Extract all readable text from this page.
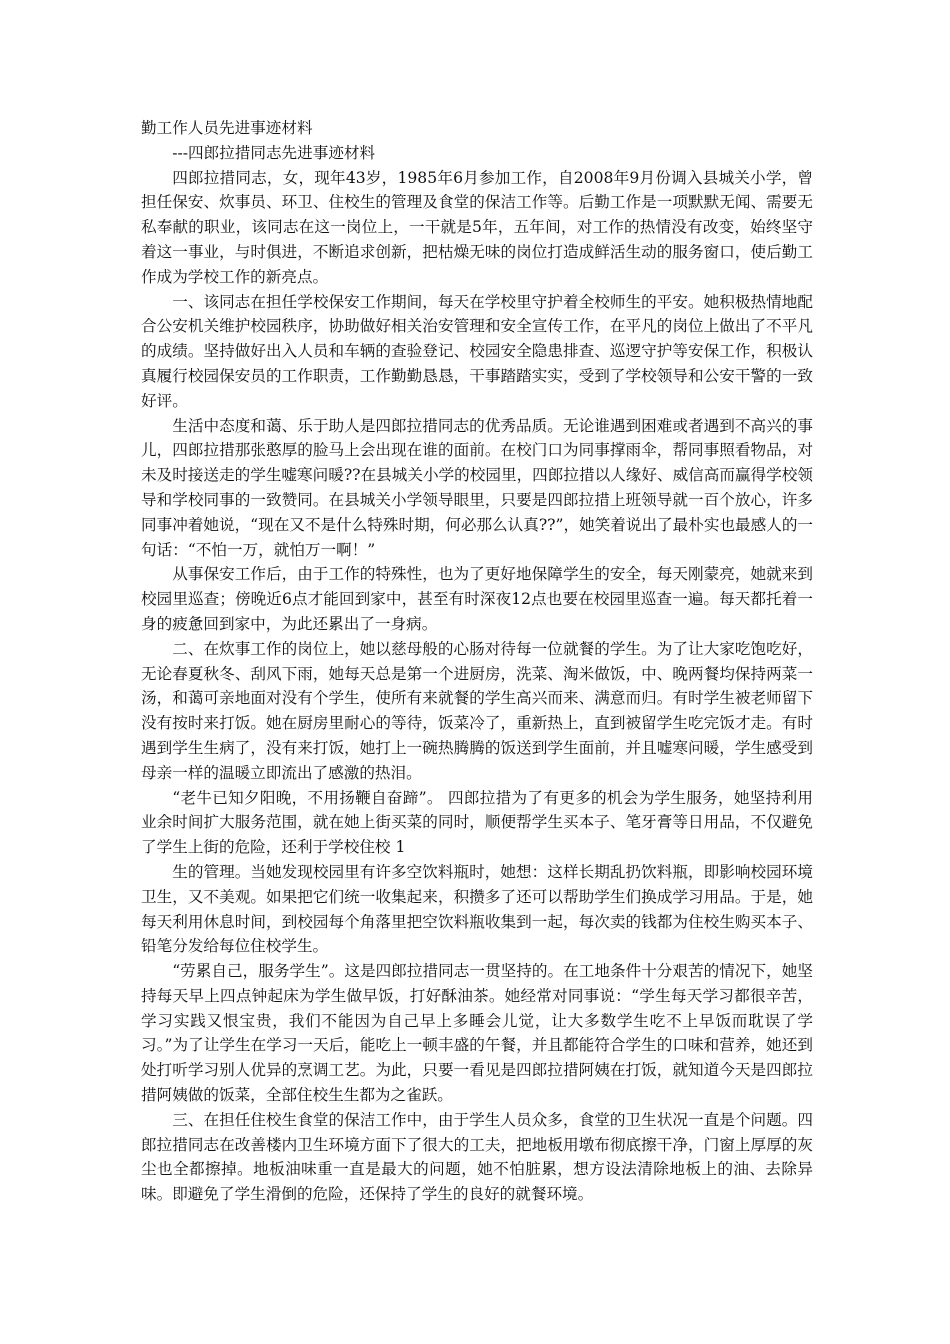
勤工作人员先进事迹材料

---四郎拉措同志先进事迹材料

四郎拉措同志，女，现年43岁，1985年6月参加工作，自2008年9月份调入县城关小学，曾担任保安、炊事员、环卫、住校生的管理及食堂的保洁工作等。后勤工作是一项默默无闻、需要无私奉献的职业，该同志在这一岗位上，一干就是5年，五年间，对工作的热情没有改变，始终坚守着这一事业，与时俱进，不断追求创新，把枯燥无味的岗位打造成鲜活生动的服务窗口，使后勤工作成为学校工作的新亮点。

一、该同志在担任学校保安工作期间，每天在学校里守护着全校师生的平安。她积极热情地配合公安机关维护校园秩序，协助做好相关治安管理和安全宣传工作，在平凡的岗位上做出了不平凡的成绩。坚持做好出入人员和车辆的查验登记、校园安全隐患排查、巡逻守护等安保工作，积极认真履行校园保安员的工作职责，工作勤勤恳恳，干事踏踏实实，受到了学校领导和公安干警的一致好评。

生活中态度和蔼、乐于助人是四郎拉措同志的优秀品质。无论谁遇到困难或者遇到不高兴的事儿，四郎拉措那张憨厚的脸马上会出现在谁的面前。在校门口为同事撑雨伞，帮同事照看物品，对未及时接送走的学生嘘寒问暖??在县城关小学的校园里，四郎拉措以人缘好、威信高而赢得学校领导和学校同事的一致赞同。在县城关小学领导眼里，只要是四郎拉措上班领导就一百个放心，许多同事冲着她说，“现在又不是什么特殊时期，何必那么认真??”，她笑着说出了最朴实也最感人的一句话：“不怕一万，就怕万一啊！”

从事保安工作后，由于工作的特殊性，也为了更好地保障学生的安全，每天刚蒙亮，她就来到校园里巡查；傍晚近6点才能回到家中，甚至有时深夜12点也要在校园里巡查一遍。每天都托着一身的疲惫回到家中，为此还累出了一身病。

二、在炊事工作的岗位上，她以慈母般的心肠对待每一位就餐的学生。为了让大家吃饱吃好，无论春夏秋冬、刮风下雨，她每天总是第一个进厨房，洗菜、淘米做饭，中、晚两餐均保持两菜一汤，和蔼可亲地面对没有个学生，使所有来就餐的学生高兴而来、满意而归。有时学生被老师留下没有按时来打饭。她在厨房里耐心的等待，饭菜冷了，重新热上，直到被留学生吃完饭才走。有时遇到学生生病了，没有来打饭，她打上一碗热腾腾的饭送到学生面前，并且嘘寒问暖，学生感受到母亲一样的温暖立即流出了感激的热泪。

“老牛已知夕阳晚，不用扬鞭自奋蹄”。 四郎拉措为了有更多的机会为学生服务，她坚持利用业余时间扩大服务范围，就在她上街买菜的同时，顺便帮学生买本子、笔牙膏等日用品，不仅避免了学生上街的危险，还利于学校住校 1

生的管理。当她发现校园里有许多空饮料瓶时，她想：这样长期乱扔饮料瓶，即影响校园环境卫生，又不美观。如果把它们统一收集起来，积攒多了还可以帮助学生们换成学习用品。于是，她每天利用休息时间，到校园每个角落里把空饮料瓶收集到一起，每次卖的钱都为住校生购买本子、铅笔分发给每位住校学生。

“劳累自己，服务学生”。这是四郎拉措同志一贯坚持的。在工地条件十分艰苦的情况下，她坚持每天早上四点钟起床为学生做早饭，打好酥油茶。她经常对同事说：“学生每天学习都很辛苦，学习实践又恨宝贵，我们不能因为自己早上多睡会儿觉，让大多数学生吃不上早饭而耽误了学习。”为了让学生在学习一天后，能吃上一顿丰盛的午餐，并且都能符合学生的口味和营养，她还到处打听学习别人优异的烹调工艺。为此，只要一看见是四郎拉措阿姨在打饭，就知道今天是四郎拉措阿姨做的饭菜，全部住校生生都为之雀跃。

三、在担任住校生食堂的保洁工作中，由于学生人员众多，食堂的卫生状况一直是个问题。四郎拉措同志在改善楼内卫生环境方面下了很大的工夫，把地板用墩布彻底擦干净，门窗上厚厚的灰尘也全都擦掉。地板油味重一直是最大的问题，她不怕脏累，想方设法清除地板上的油、去除异味。即避免了学生滑倒的危险，还保持了学生的良好的就餐环境。
